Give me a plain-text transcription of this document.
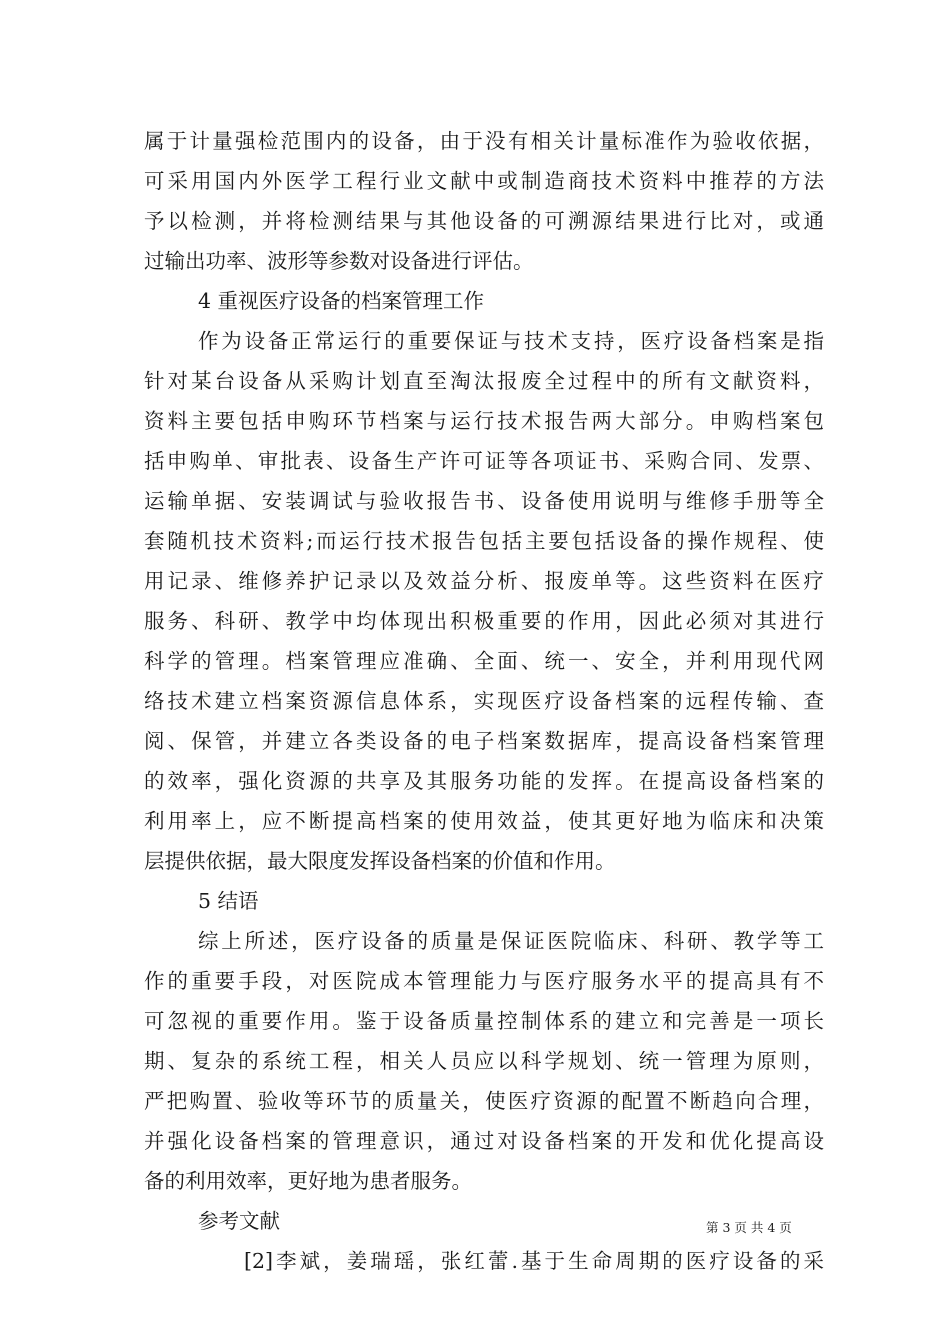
属于计量强检范围内的设备，由于没有相关计量标准作为验收依据，
可采用国内外医学工程行业文献中或制造商技术资料中推荐的方法
予以检测，并将检测结果与其他设备的可溯源结果进行比对，或通
过输出功率、波形等参数对设备进行评估。
4 重视医疗设备的档案管理工作
作为设备正常运行的重要保证与技术支持，医疗设备档案是指
针对某台设备从采购计划直至淘汰报废全过程中的所有文献资料，
资料主要包括申购环节档案与运行技术报告两大部分。申购档案包
括申购单、审批表、设备生产许可证等各项证书、采购合同、发票、
运输单据、安装调试与验收报告书、设备使用说明与维修手册等全
套随机技术资料;而运行技术报告包括主要包括设备的操作规程、使
用记录、维修养护记录以及效益分析、报废单等。这些资料在医疗
服务、科研、教学中均体现出积极重要的作用，因此必须对其进行
科学的管理。档案管理应准确、全面、统一、安全，并利用现代网
络技术建立档案资源信息体系，实现医疗设备档案的远程传输、查
阅、保管，并建立各类设备的电子档案数据库，提高设备档案管理
的效率，强化资源的共享及其服务功能的发挥。在提高设备档案的
利用率上，应不断提高档案的使用效益，使其更好地为临床和决策
层提供依据，最大限度发挥设备档案的价值和作用。
5 结语
综上所述，医疗设备的质量是保证医院临床、科研、教学等工
作的重要手段，对医院成本管理能力与医疗服务水平的提高具有不
可忽视的重要作用。鉴于设备质量控制体系的建立和完善是一项长
期、复杂的系统工程，相关人员应以科学规划、统一管理为原则，
严把购置、验收等环节的质量关，使医疗资源的配置不断趋向合理，
并强化设备档案的管理意识，通过对设备档案的开发和优化提高设
备的利用效率，更好地为患者服务。
参考文献
[2]李斌，姜瑞瑶，张红蕾.基于生命周期的医疗设备的采
第 3 页 共 4 页
